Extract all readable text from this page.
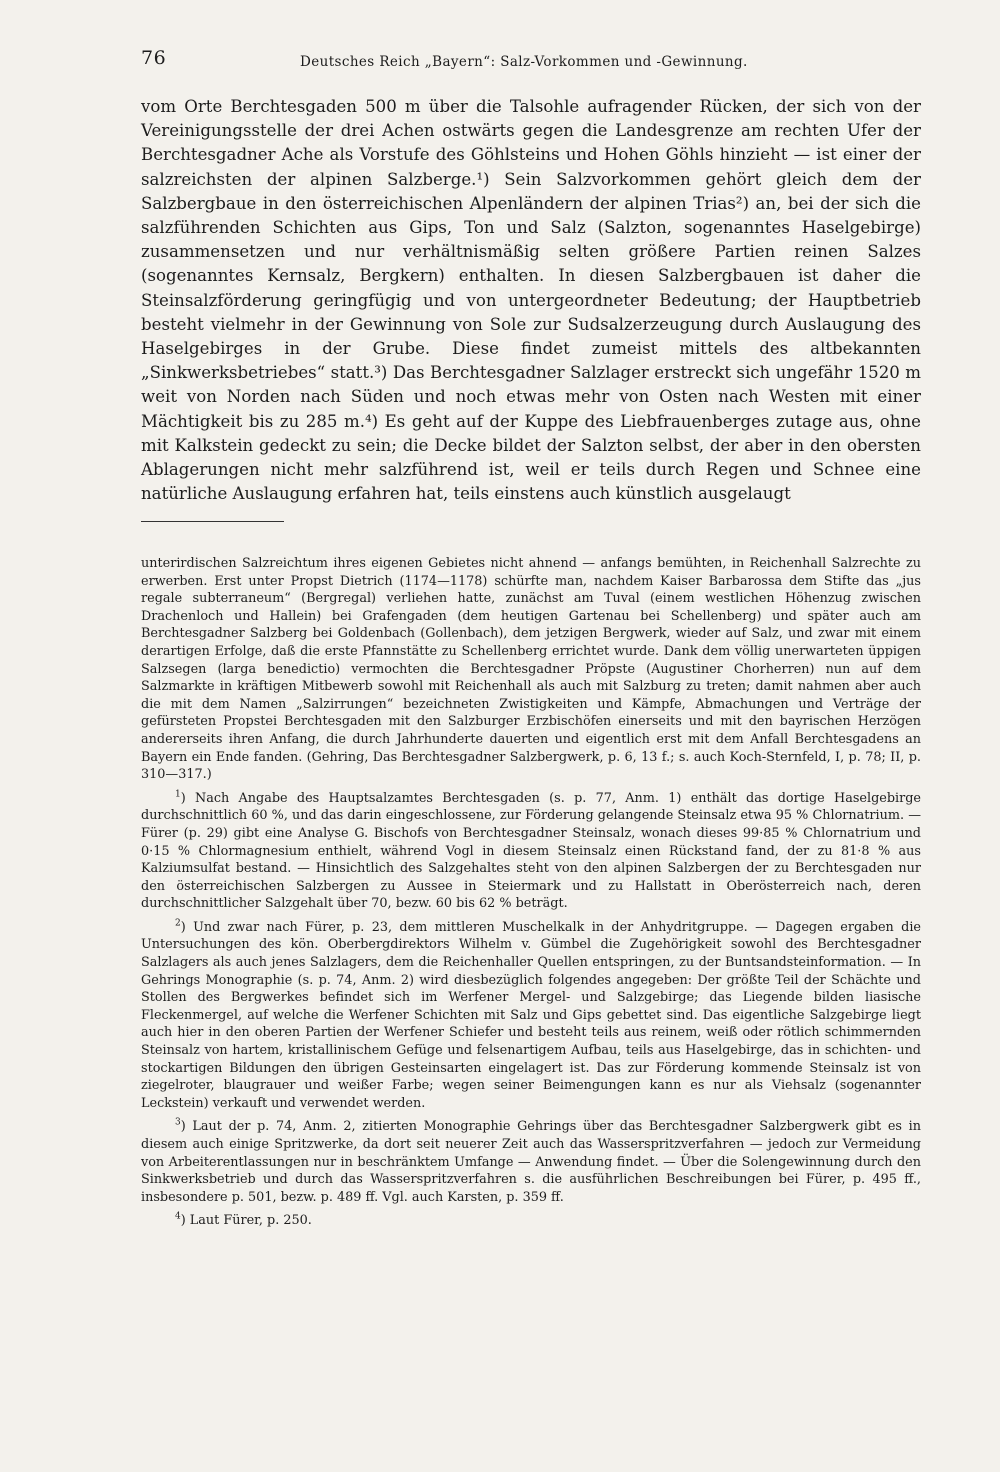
76	Deutsches Reich „Bayern“: Salz-Vorkommen und -Gewinnung.

vom Orte Berchtesgaden 500 m über die Talsohle aufragender Rücken, der sich von der Vereinigungsstelle der drei Achen ostwärts gegen die Landesgrenze am rechten Ufer der Berchtesgadner Ache als Vorstufe des Göhlsteins und Hohen Göhls hinzieht — ist einer der salzreichsten der alpinen Salzberge.¹) Sein Salzvorkommen gehört gleich dem der Salzbergbaue in den österreichischen Alpenländern der alpinen Trias²) an, bei der sich die salzführenden Schichten aus Gips, Ton und Salz (Salzton, sogenanntes Haselgebirge) zusammensetzen und nur verhältnismäßig selten größere Partien reinen Salzes (sogenanntes Kernsalz, Bergkern) enthalten. In diesen Salzbergbauen ist daher die Steinsalzförderung geringfügig und von untergeordneter Bedeutung; der Hauptbetrieb besteht vielmehr in der Gewinnung von Sole zur Sudsalzerzeugung durch Auslaugung des Haselgebirges in der Grube. Diese findet zumeist mittels des altbekannten „Sinkwerksbetriebes“ statt.³) Das Berchtesgadner Salzlager erstreckt sich ungefähr 1520 m weit von Norden nach Süden und noch etwas mehr von Osten nach Westen mit einer Mächtigkeit bis zu 285 m.⁴) Es geht auf der Kuppe des Liebfrauenberges zutage aus, ohne mit Kalkstein gedeckt zu sein; die Decke bildet der Salzton selbst, der aber in den obersten Ablagerungen nicht mehr salzführend ist, weil er teils durch Regen und Schnee eine natürliche Auslaugung erfahren hat, teils einstens auch künstlich ausgelaugt

unterirdischen Salzreichtum ihres eigenen Gebietes nicht ahnend — anfangs bemühten, in Reichenhall Salzrechte zu erwerben. Erst unter Propst Dietrich (1174—1178) schürfte man, nachdem Kaiser Barbarossa dem Stifte das „jus regale subterraneum“ (Bergregal) verliehen hatte, zunächst am Tuval (einem westlichen Höhenzug zwischen Drachenloch und Hallein) bei Grafengaden (dem heutigen Gartenau bei Schellenberg) und später auch am Berchtesgadner Salzberg bei Goldenbach (Gollenbach), dem jetzigen Bergwerk, wieder auf Salz, und zwar mit einem derartigen Erfolge, daß die erste Pfannstätte zu Schellenberg errichtet wurde. Dank dem völlig unerwarteten üppigen Salzsegen (larga benedictio) vermochten die Berchtesgadner Pröpste (Augustiner Chorherren) nun auf dem Salzmarkte in kräftigen Mitbewerb sowohl mit Reichenhall als auch mit Salzburg zu treten; damit nahmen aber auch die mit dem Namen „Salzirrungen“ bezeichneten Zwistigkeiten und Kämpfe, Abmachungen und Verträge der gefürsteten Propstei Berchtesgaden mit den Salzburger Erzbischöfen einerseits und mit den bayrischen Herzögen andererseits ihren Anfang, die durch Jahrhunderte dauerten und eigentlich erst mit dem Anfall Berchtesgadens an Bayern ein Ende fanden. (Gehring, Das Berchtesgadner Salzbergwerk, p. 6, 13 f.; s. auch Koch-Sternfeld, I, p. 78; II, p. 310—317.)

$^1$) Nach Angabe des Hauptsalzamtes Berchtesgaden (s. p. 77, Anm. 1) enthält das dortige Haselgebirge durchschnittlich 60 %, und das darin eingeschlossene, zur Förderung gelangende Steinsalz etwa 95 % Chlornatrium. — Fürer (p. 29) gibt eine Analyse G. Bischofs von Berchtesgadner Steinsalz, wonach dieses 99·85 % Chlornatrium und 0·15 % Chlormagnesium enthielt, während Vogl in diesem Steinsalz einen Rückstand fand, der zu 81·8 % aus Kalziumsulfat bestand. — Hinsichtlich des Salzgehaltes steht von den alpinen Salzbergen der zu Berchtesgaden nur den österreichischen Salzbergen zu Aussee in Steiermark und zu Hallstatt in Oberösterreich nach, deren durchschnittlicher Salzgehalt über 70, bezw. 60 bis 62 % beträgt.

$^2$) Und zwar nach Fürer, p. 23, dem mittleren Muschelkalk in der Anhydritgruppe. — Dagegen ergaben die Untersuchungen des kön. Oberbergdirektors Wilhelm v. Gümbel die Zugehörigkeit sowohl des Berchtesgadner Salzlagers als auch jenes Salzlagers, dem die Reichenhaller Quellen entspringen, zu der Buntsandsteinformation. — In Gehrings Monographie (s. p. 74, Anm. 2) wird diesbezüglich folgendes angegeben: Der größte Teil der Schächte und Stollen des Bergwerkes befindet sich im Werfener Mergel- und Salzgebirge; das Liegende bilden liasische Fleckenmergel, auf welche die Werfener Schichten mit Salz und Gips gebettet sind. Das eigentliche Salzgebirge liegt auch hier in den oberen Partien der Werfener Schiefer und besteht teils aus reinem, weiß oder rötlich schimmernden Steinsalz von hartem, kristallinischem Gefüge und felsenartigem Aufbau, teils aus Haselgebirge, das in schichten- und stockartigen Bildungen den übrigen Gesteinsarten eingelagert ist. Das zur Förderung kommende Steinsalz ist von ziegelroter, blaugrauer und weißer Farbe; wegen seiner Beimengungen kann es nur als Viehsalz (sogenannter Leckstein) verkauft und verwendet werden.

$^3$) Laut der p. 74, Anm. 2, zitierten Monographie Gehrings über das Berchtesgadner Salzbergwerk gibt es in diesem auch einige Spritzwerke, da dort seit neuerer Zeit auch das Wasserspritzverfahren — jedoch zur Vermeidung von Arbeiterentlassungen nur in beschränktem Umfange — Anwendung findet. — Über die Solengewinnung durch den Sinkwerksbetrieb und durch das Wasserspritzverfahren s. die ausführlichen Beschreibungen bei Fürer, p. 495 ff., insbesondere p. 501, bezw. p. 489 ff. Vgl. auch Karsten, p. 359 ff.

$^4$) Laut Fürer, p. 250.
